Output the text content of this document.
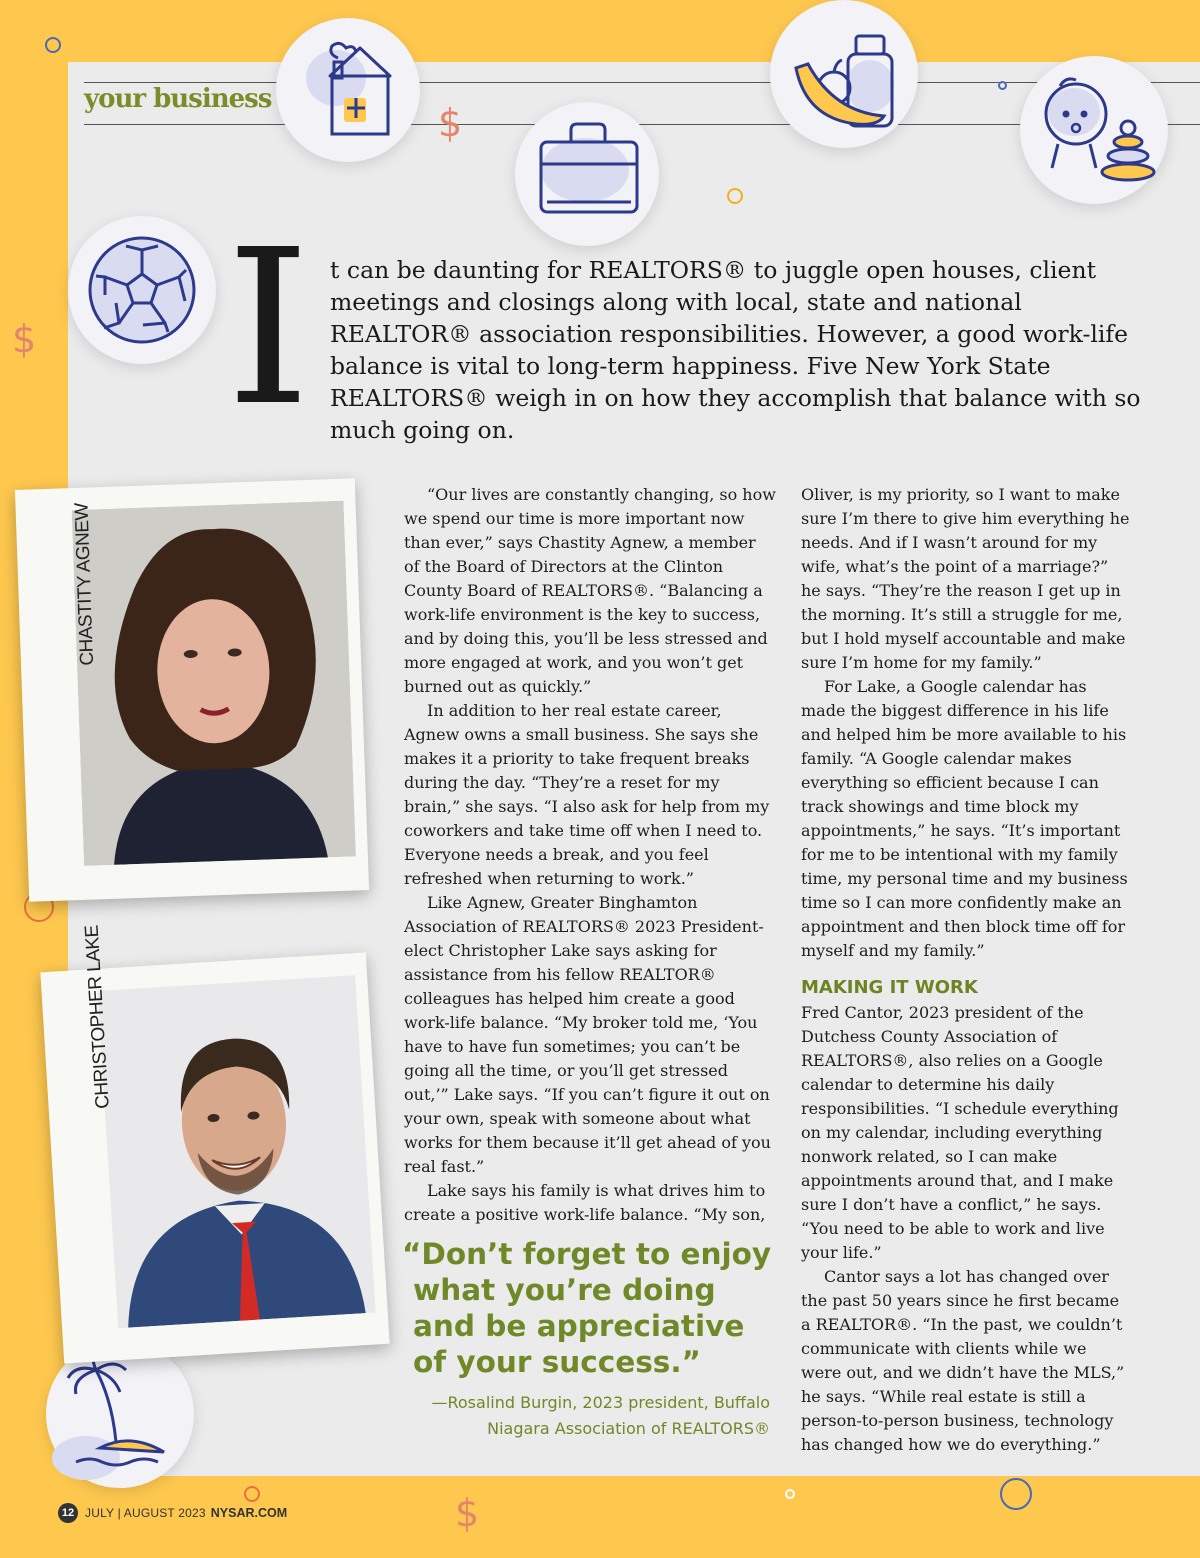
your business
$
$
$
I t can be daunting for REALTORS® to juggle open houses, client meetings and closings along with local, state and national REALTOR® association responsibilities. However, a good work-life balance is vital to long-term happiness. Five New York State REALTORS® weigh in on how they accomplish that balance with so much going on.

CHASTITY AGNEW
CHRISTOPHER LAKE

“Our lives are constantly changing, so how we spend our time is more important now than ever,” says Chastity Agnew, a member of the Board of Directors at the Clinton County Board of REALTORS®. “Balancing a work-life environment is the key to success, and by doing this, you’ll be less stressed and more engaged at work, and you won’t get burned out as quickly.”

In addition to her real estate career, Agnew owns a small business. She says she makes it a priority to take frequent breaks during the day. “They’re a reset for my brain,” she says. “I also ask for help from my coworkers and take time off when I need to. Everyone needs a break, and you feel refreshed when returning to work.”

Like Agnew, Greater Binghamton Association of REALTORS® 2023 President-elect Christopher Lake says asking for assistance from his fellow REALTOR® colleagues has helped him create a good work-life balance. “My broker told me, ‘You have to have fun sometimes; you can’t be going all the time, or you’ll get stressed out,’” Lake says. “If you can’t figure it out on your own, speak with someone about what works for them because it’ll get ahead of you real fast.”

Lake says his family is what drives him to create a positive work-life balance. “My son,

Oliver, is my priority, so I want to make sure I’m there to give him everything he needs. And if I wasn’t around for my wife, what’s the point of a marriage?” he says. “They’re the reason I get up in the morning. It’s still a struggle for me, but I hold myself accountable and make sure I’m home for my family.”

For Lake, a Google calendar has made the biggest difference in his life and helped him be more available to his family. “A Google calendar makes everything so efficient because I can track showings and time block my appointments,” he says. “It’s important for me to be intentional with my family time, my personal time and my business time so I can more confidently make an appointment and then block time off for myself and my family.”

MAKING IT WORK

Fred Cantor, 2023 president of the Dutchess County Association of REALTORS®, also relies on a Google calendar to determine his daily responsibilities. “I schedule everything on my calendar, including everything nonwork related, so I can make appointments around that, and I make sure I don’t have a conflict,” he says. “You need to be able to work and live your life.”

Cantor says a lot has changed over the past 50 years since he first became a REALTOR®. “In the past, we couldn’t communicate with clients while we were out, and we didn’t have the MLS,” he says. “While real estate is still a person-to-person business, technology has changed how we do everything.”

“Don’t forget to enjoy
what you’re doing
and be appreciative
of your success.”

—Rosalind Burgin, 2023 president, Buffalo
Niagara Association of REALTORS®
12 JULY | AUGUST 2023 NYSAR.COM
